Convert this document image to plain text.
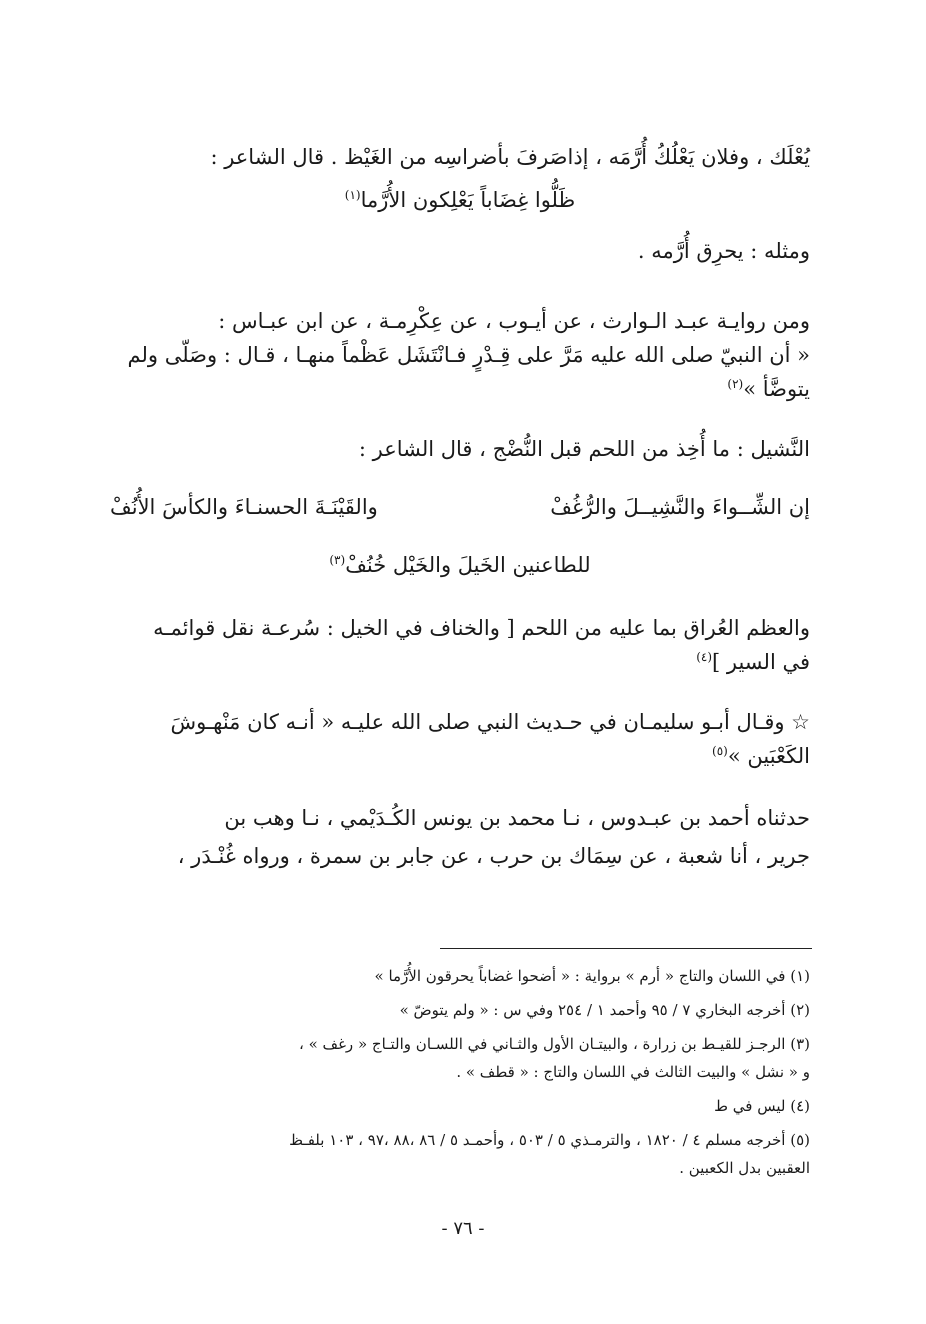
يُعْلَك ، وفلان يَعْلُكُ أُرَّمَه ، إذاصَرفَ بأضراسِه من الغَيْظ . قال الشاعر :

ظَلُّوا غِضَاباً يَعْلِكون الأُرَّما$^{(١)}$

ومثله : يحرِق أُرَّمه .

ومن روايـة عبـد الـوارث ، عن أيـوب ، عن عِكْرِمـة ، عن ابن عبـاس :

« أن النبيّ صلى الله عليه مَرَّ على قِـدْرٍ فـانْتَشَل عَظْماً منهـا ، قـال : وصَلّى ولم

يتوضَّأ »$^{(٢)}$

النَّشيل : ما أُخِذ من اللحم قبل النُّضْج ، قال الشاعر :

إن الشِّــواءَ والنَّشِيــلَ والرُّغُفْ
والقَيْنَـةَ الحسنـاءَ والكأسَ الأُنُفْ

للطاعنين الخَيلَ والخَيْل خُنُفْ$^{(٣)}$

والعظم العُراق بما عليه من اللحم [ والخناف في الخيل : سُرعـة نقل قوائمـه

في السير ]$^{(٤)}$

☆ وقـال أبـو سليمـان في حـديث النبي صلى الله عليـه « أنـه كان مَنْهـوشَ

الكَعْبَين »$^{(٥)}$

حدثناه أحمد بن عبـدوس ، نـا محمد بن يونس الكُـدَيْمي ، نـا وهب بن

جرير ، أنا شعبة ، عن سِمَاك بن حرب ، عن جابر بن سمرة ، ورواه غُنْـدَر ،

(١) في اللسان والتاج « أرم » برواية : « أضحوا غضاباً يحرقون الأُرَّما »

(٢) أخرجه البخاري ٧ / ٩٥ وأحمد ١ / ٢٥٤ وفي س : « ولم يتوضّ »

(٣) الرجـز للقيـط بن زرارة ، والبيتـان الأول والثـاني في اللسـان والتـاج « رغف » ،

و « نشل » والبيت الثالث في اللسان والتاج : « قطف » .

(٤) ليس في ط

(٥) أخرجه مسلم ٤ / ١٨٢٠ ، والترمـذي ٥ / ٥٠٣ ، وأحمـد ٥ / ٨٦ ،٨٨ ،٩٧ ، ١٠٣ بلفـظ

العقبين بدل الكعبين .

- ٧٦ -
